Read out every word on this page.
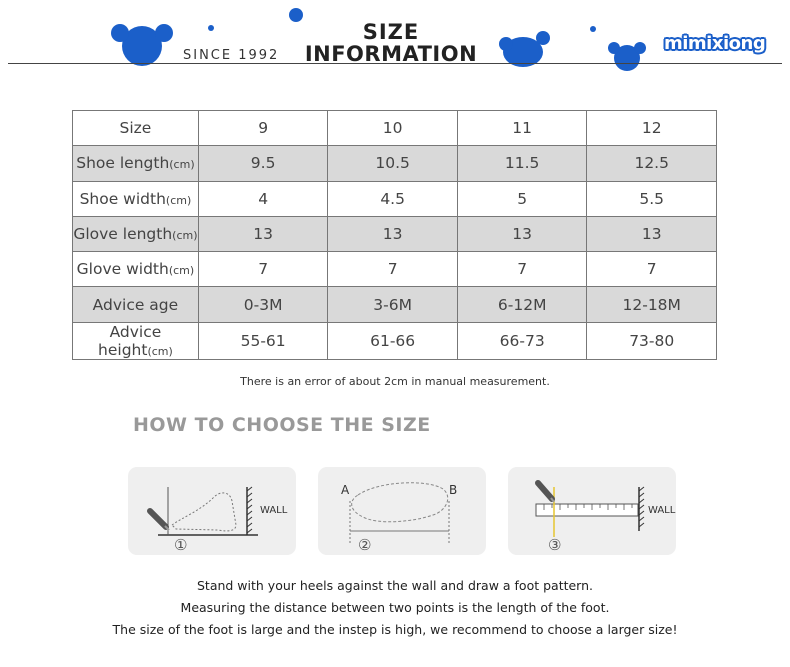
SINCE 1992
SIZE
INFORMATION	mimixiong
Size	9	10	11	12
Shoe length(cm)	9.5	10.5	11.5	12.5
Shoe width(cm)	4	4.5	5	5.5
Glove length(cm)	13	13	13	13
Glove width(cm)	7	7	7	7
Advice age	0-3M	3-6M	6-12M	12-18M
Advice height(cm)	55-61	61-66	66-73	73-80
There is an error of about 2cm in manual measurement.
HOW TO CHOOSE THE SIZE
WALL
①
A	B
②
WALL
③
Stand with your heels against the wall and draw a foot pattern.
Measuring the distance between two points is the length of the foot.
The size of the foot is large and the instep is high, we recommend to choose a larger size!
